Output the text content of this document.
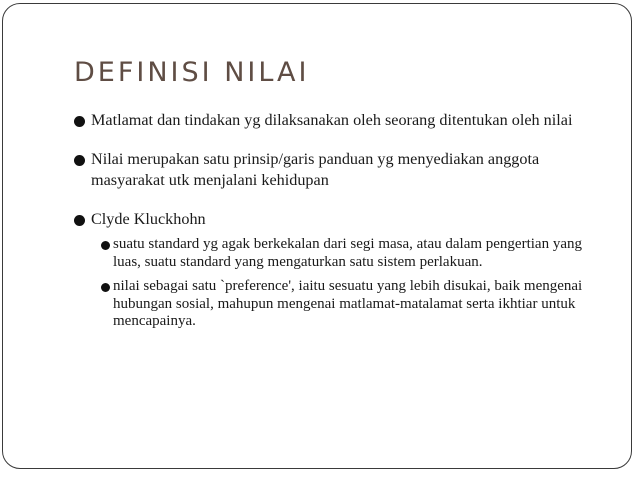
DEFINISI NILAI
Matlamat dan tindakan yg dilaksanakan oleh seorang ditentukan oleh nilai
Nilai merupakan satu prinsip/garis panduan yg menyediakan anggota masyarakat utk menjalani kehidupan
Clyde Kluckhohn
suatu standard yg agak berkekalan dari segi masa, atau dalam pengertian yang luas, suatu standard yang mengaturkan satu sistem perlakuan.
nilai sebagai satu `preference', iaitu sesuatu yang lebih disukai, baik mengenai hubungan sosial, mahupun mengenai matlamat-matalamat serta ikhtiar untuk mencapainya.
